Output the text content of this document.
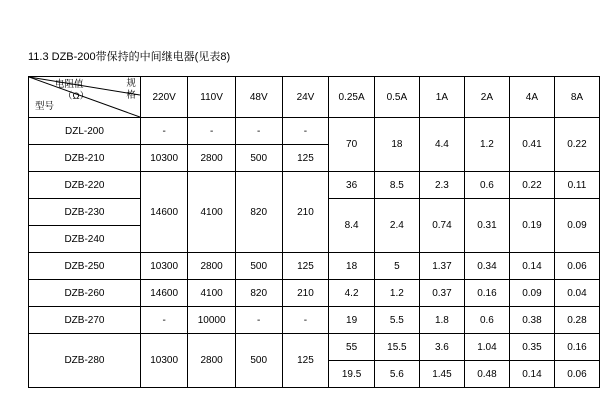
11.3 DZB-200带保持的中间继电器(见表8)
电阻值
（Ω）
规
格
型号	220V	110V	48V	24V	0.25A	0.5A	1A	2A	4A	8A
DZL-200	-	-	-	-	70	18	4.4	1.2	0.41	0.22
DZB-210	10300	2800	500	125						
DZB-220	14600	4100	820	210	36	8.5	2.3	0.6	0.22	0.11
DZB-230					8.4	2.4	0.74	0.31	0.19	0.09
DZB-240										
DZB-250	10300	2800	500	125	18	5	1.37	0.34	0.14	0.06
DZB-260	14600	4100	820	210	4.2	1.2	0.37	0.16	0.09	0.04
DZB-270	-	10000	-	-	19	5.5	1.8	0.6	0.38	0.28
DZB-280	10300	2800	500	125	55	15.5	3.6	1.04	0.35	0.16
					19.5	5.6	1.45	0.48	0.14	0.06
